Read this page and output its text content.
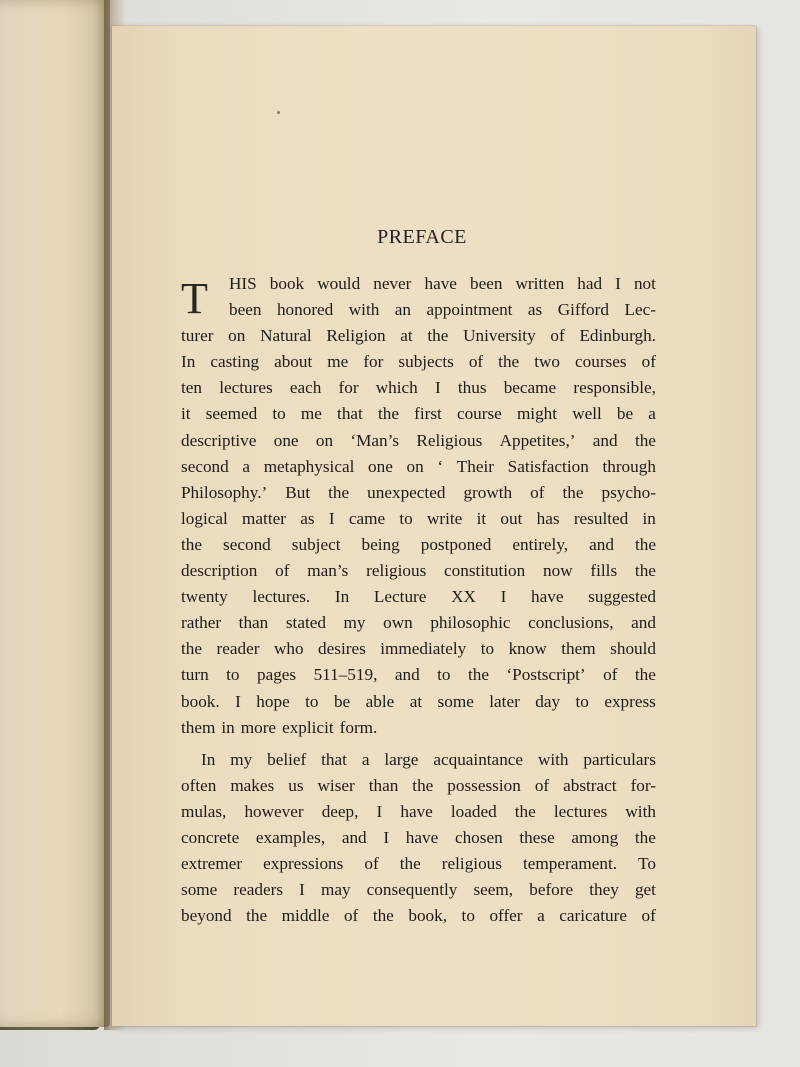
PREFACE
T	HIS book would never have been written had I not
been honored with an appointment as Gifford Lec-
turer on Natural Religion at the University of Edinburgh.
In casting about me for subjects of the two courses of
ten lectures each for which I thus became responsible,
it seemed to me that the first course might well be a
descriptive one on ‘Man’s Religious Appetites,’ and the
second a metaphysical one on ‘ Their Satisfaction through
Philosophy.’ But the unexpected growth of the psycho-
logical matter as I came to write it out has resulted in
the second subject being postponed entirely, and the
description of man’s religious constitution now fills the
twenty lectures. In Lecture XX I have suggested
rather than stated my own philosophic conclusions, and
the reader who desires immediately to know them should
turn to pages 511–519, and to the ‘Postscript’ of the
book. I hope to be able at some later day to express
them in more explicit form.
In my belief that a large acquaintance with particulars
often makes us wiser than the possession of abstract for-
mulas, however deep, I have loaded the lectures with
concrete examples, and I have chosen these among the
extremer expressions of the religious temperament. To
some readers I may consequently seem, before they get
beyond the middle of the book, to offer a caricature of
